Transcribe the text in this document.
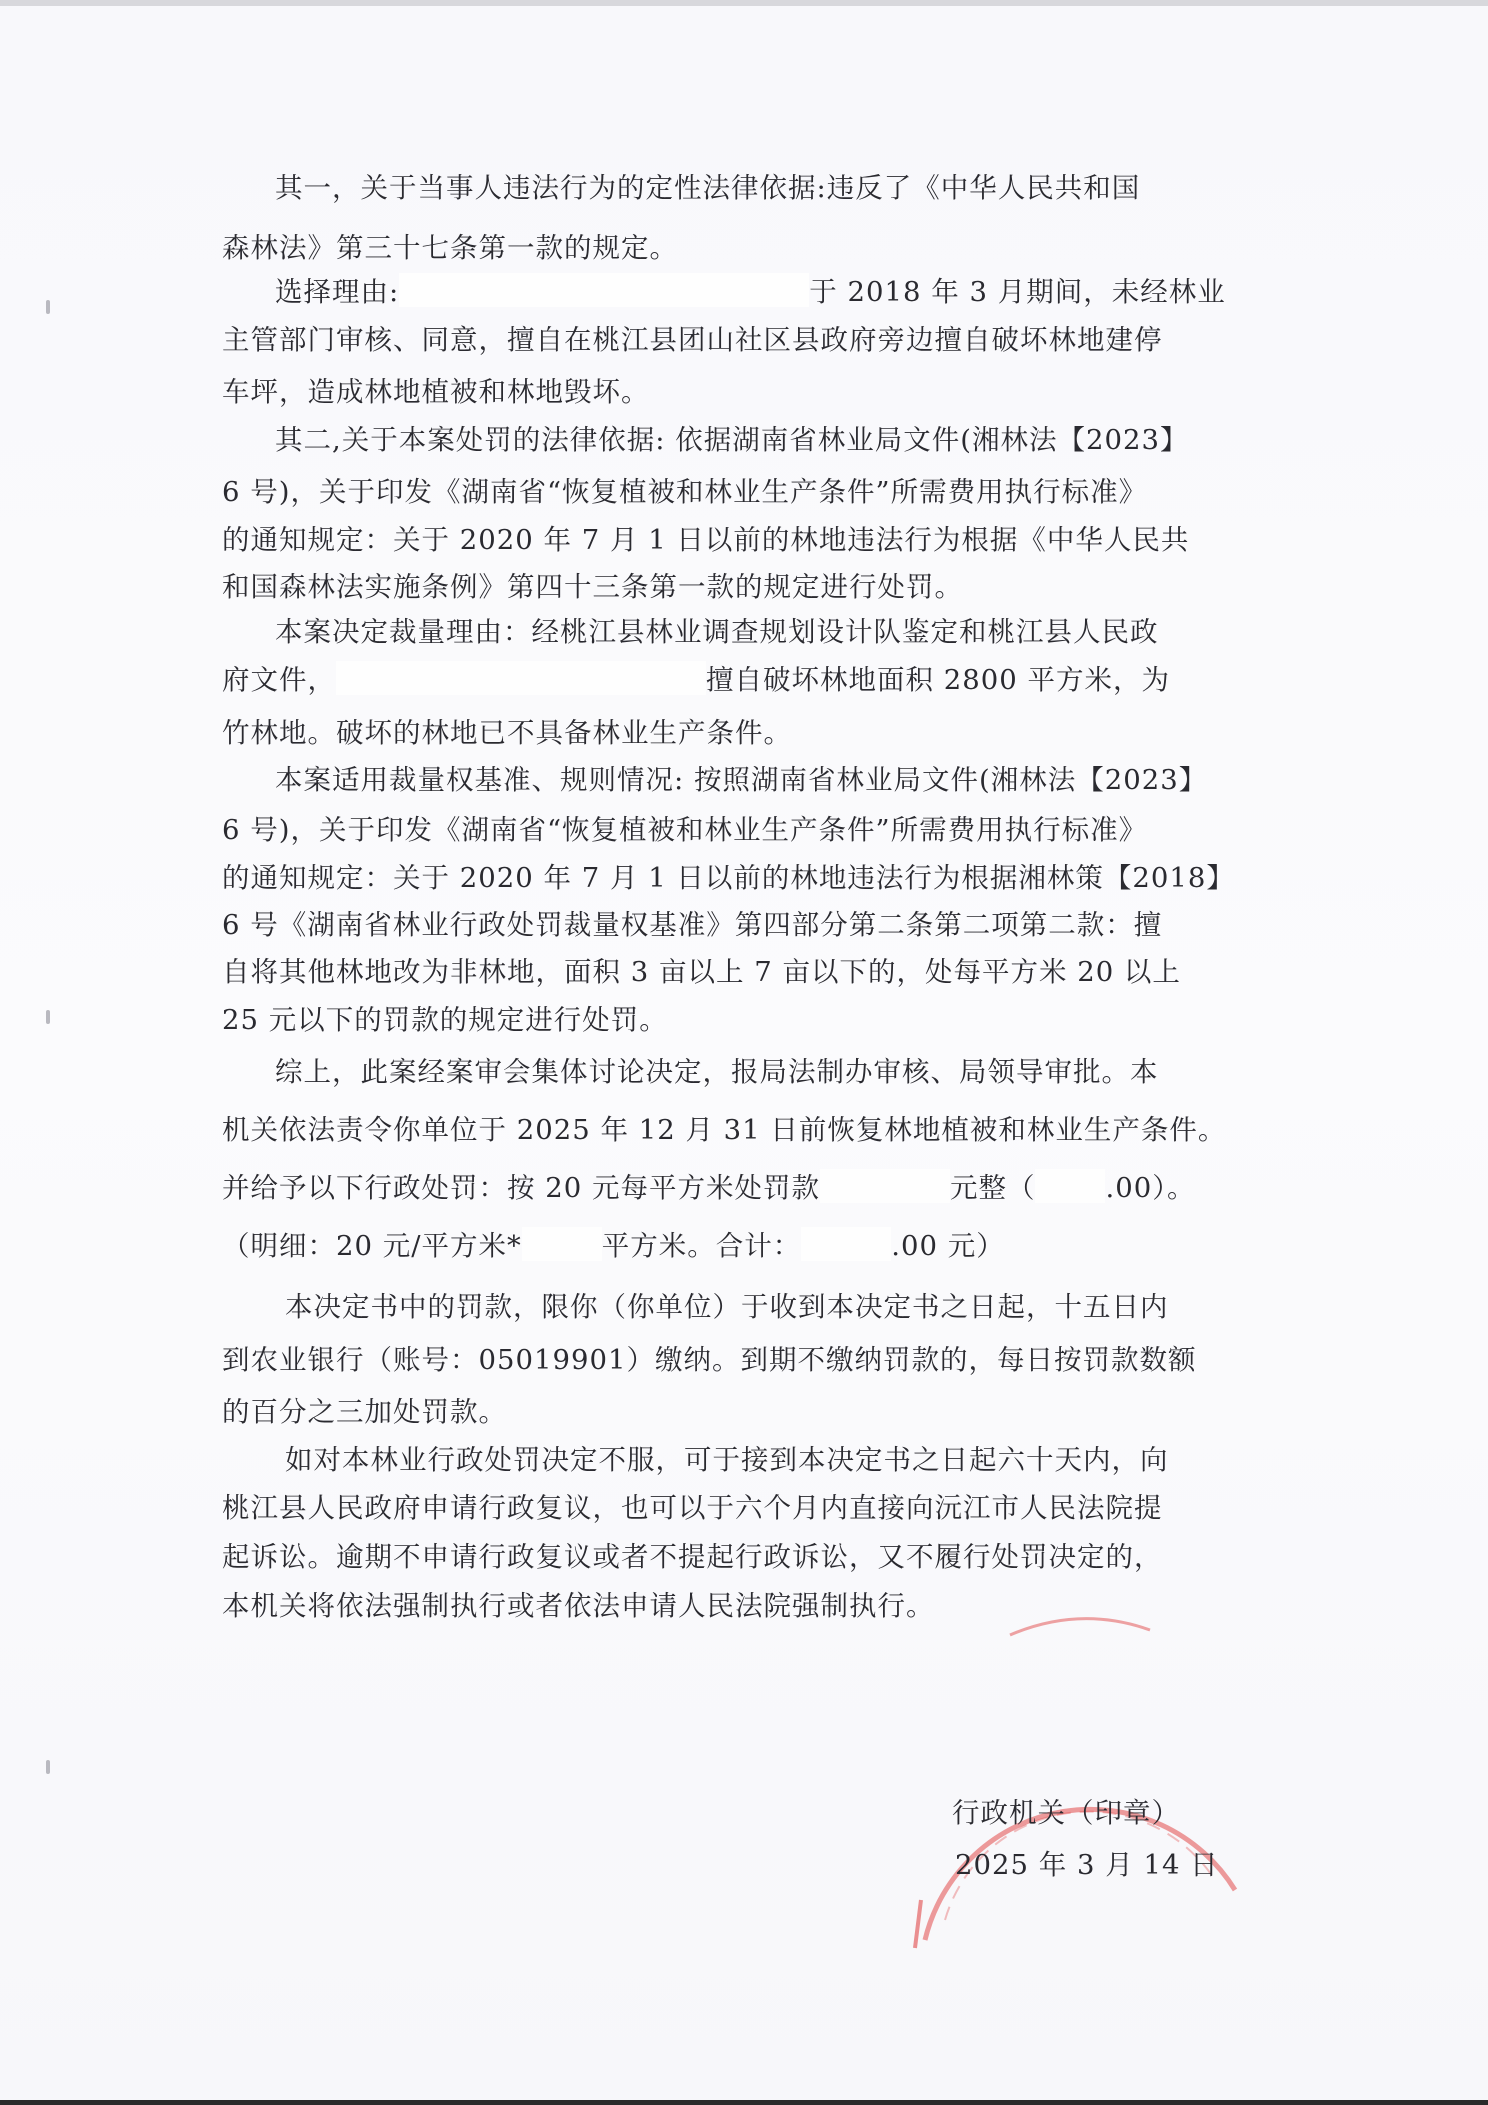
其一，关于当事人违法行为的定性法律依据:违反了《中华人民共和国
森林法》第三十七条第一款的规定。
选择理由:	于 2018 年 3 月期间，未经林业
主管部门审核、同意，擅自在桃江县团山社区县政府旁边擅自破坏林地建停
车坪，造成林地植被和林地毁坏。
其二,关于本案处罚的法律依据: 依据湖南省林业局文件(湘林法【2023】
6 号)，关于印发《湖南省“恢复植被和林业生产条件”所需费用执行标准》
的通知规定：关于 2020 年 7 月 1 日以前的林地违法行为根据《中华人民共
和国森林法实施条例》第四十三条第一款的规定进行处罚。
本案决定裁量理由：经桃江县林业调查规划设计队鉴定和桃江县人民政
府文件，	擅自破坏林地面积 2800 平方米，为
竹林地。破坏的林地已不具备林业生产条件。
本案适用裁量权基准、规则情况: 按照湖南省林业局文件(湘林法【2023】
6 号)，关于印发《湖南省“恢复植被和林业生产条件”所需费用执行标准》
的通知规定：关于 2020 年 7 月 1 日以前的林地违法行为根据湘林策【2018】
6 号《湖南省林业行政处罚裁量权基准》第四部分第二条第二项第二款：擅
自将其他林地改为非林地，面积 3 亩以上 7 亩以下的，处每平方米 20 以上
25 元以下的罚款的规定进行处罚。
综上，此案经案审会集体讨论决定，报局法制办审核、局领导审批。本
机关依法责令你单位于 2025 年 12 月 31 日前恢复林地植被和林业生产条件。
并给予以下行政处罚：按 20 元每平方米处罚款	元整（	.00）。
（明细：20 元/平方米*	平方米。合计：	.00 元）
本决定书中的罚款，限你（你单位）于收到本决定书之日起，十五日内
到农业银行（账号：05019901）缴纳。到期不缴纳罚款的，每日按罚款数额
的百分之三加处罚款。
如对本林业行政处罚决定不服，可于接到本决定书之日起六十天内，向
桃江县人民政府申请行政复议，也可以于六个月内直接向沅江市人民法院提
起诉讼。逾期不申请行政复议或者不提起行政诉讼，又不履行处罚决定的，
本机关将依法强制执行或者依法申请人民法院强制执行。
行政机关（印章）
2025 年 3 月 14 日
